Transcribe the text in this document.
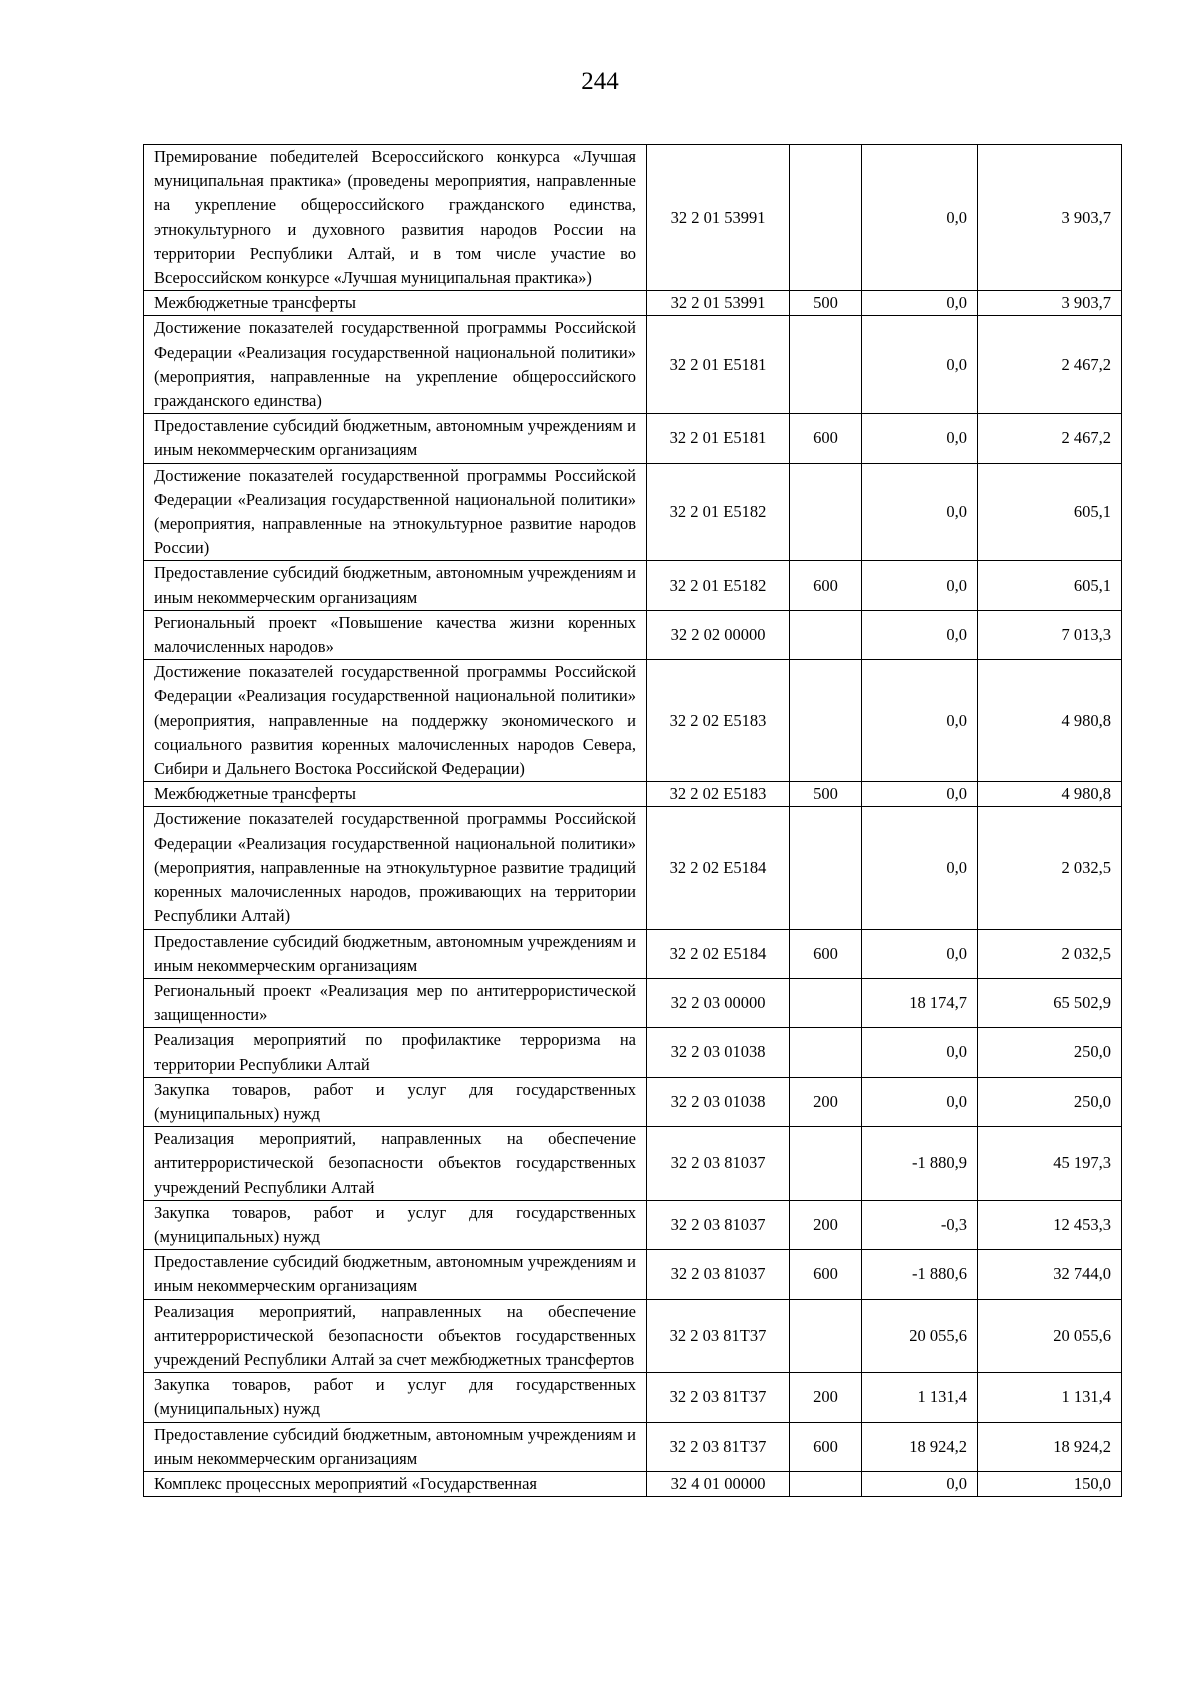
244
Премирование победителей Всероссийского конкурса «Лучшая муниципальная практика» (проведены мероприятия, направленные на укрепление общероссийского гражданского единства, этнокультурного и духовного развития народов России на территории Республики Алтай, и в том числе участие во Всероссийском конкурсе «Лучшая муниципальная практика»)	32 2 01 53991		0,0	3 903,7
Межбюджетные трансферты	32 2 01 53991	500	0,0	3 903,7
Достижение показателей государственной программы Российской Федерации «Реализация государственной национальной политики» (мероприятия, направленные на укрепление общероссийского гражданского единства)	32 2 01 E5181		0,0	2 467,2
Предоставление субсидий бюджетным, автономным учреждениям и иным некоммерческим организациям	32 2 01 E5181	600	0,0	2 467,2
Достижение показателей государственной программы Российской Федерации «Реализация государственной национальной политики» (мероприятия, направленные на этнокультурное развитие народов России)	32 2 01 E5182		0,0	605,1
Предоставление субсидий бюджетным, автономным учреждениям и иным некоммерческим организациям	32 2 01 E5182	600	0,0	605,1
Региональный проект «Повышение качества жизни коренных малочисленных народов»	32 2 02 00000		0,0	7 013,3
Достижение показателей государственной программы Российской Федерации «Реализация государственной национальной политики» (мероприятия, направленные на поддержку экономического и социального развития коренных малочисленных народов Севера, Сибири и Дальнего Востока Российской Федерации)	32 2 02 E5183		0,0	4 980,8
Межбюджетные трансферты	32 2 02 E5183	500	0,0	4 980,8
Достижение показателей государственной программы Российской Федерации «Реализация государственной национальной политики» (мероприятия, направленные на этнокультурное развитие традиций коренных малочисленных народов, проживающих на территории Республики Алтай)	32 2 02 E5184		0,0	2 032,5
Предоставление субсидий бюджетным, автономным учреждениям и иным некоммерческим организациям	32 2 02 E5184	600	0,0	2 032,5
Региональный проект «Реализация мер по антитеррористической защищенности»	32 2 03 00000		18 174,7	65 502,9
Реализация мероприятий по профилактике терроризма на территории Республики Алтай	32 2 03 01038		0,0	250,0
Закупка товаров, работ и услуг для государственных (муниципальных) нужд	32 2 03 01038	200	0,0	250,0
Реализация мероприятий, направленных на обеспечение антитеррористической безопасности объектов государственных учреждений Республики Алтай	32 2 03 81037		-1 880,9	45 197,3
Закупка товаров, работ и услуг для государственных (муниципальных) нужд	32 2 03 81037	200	-0,3	12 453,3
Предоставление субсидий бюджетным, автономным учреждениям и иным некоммерческим организациям	32 2 03 81037	600	-1 880,6	32 744,0
Реализация мероприятий, направленных на обеспечение антитеррористической безопасности объектов государственных учреждений Республики Алтай за счет межбюджетных трансфертов	32 2 03 81Т37		20 055,6	20 055,6
Закупка товаров, работ и услуг для государственных (муниципальных) нужд	32 2 03 81Т37	200	1 131,4	1 131,4
Предоставление субсидий бюджетным, автономным учреждениям и иным некоммерческим организациям	32 2 03 81Т37	600	18 924,2	18 924,2
Комплекс процессных мероприятий «Государственная	32 4 01 00000		0,0	150,0
